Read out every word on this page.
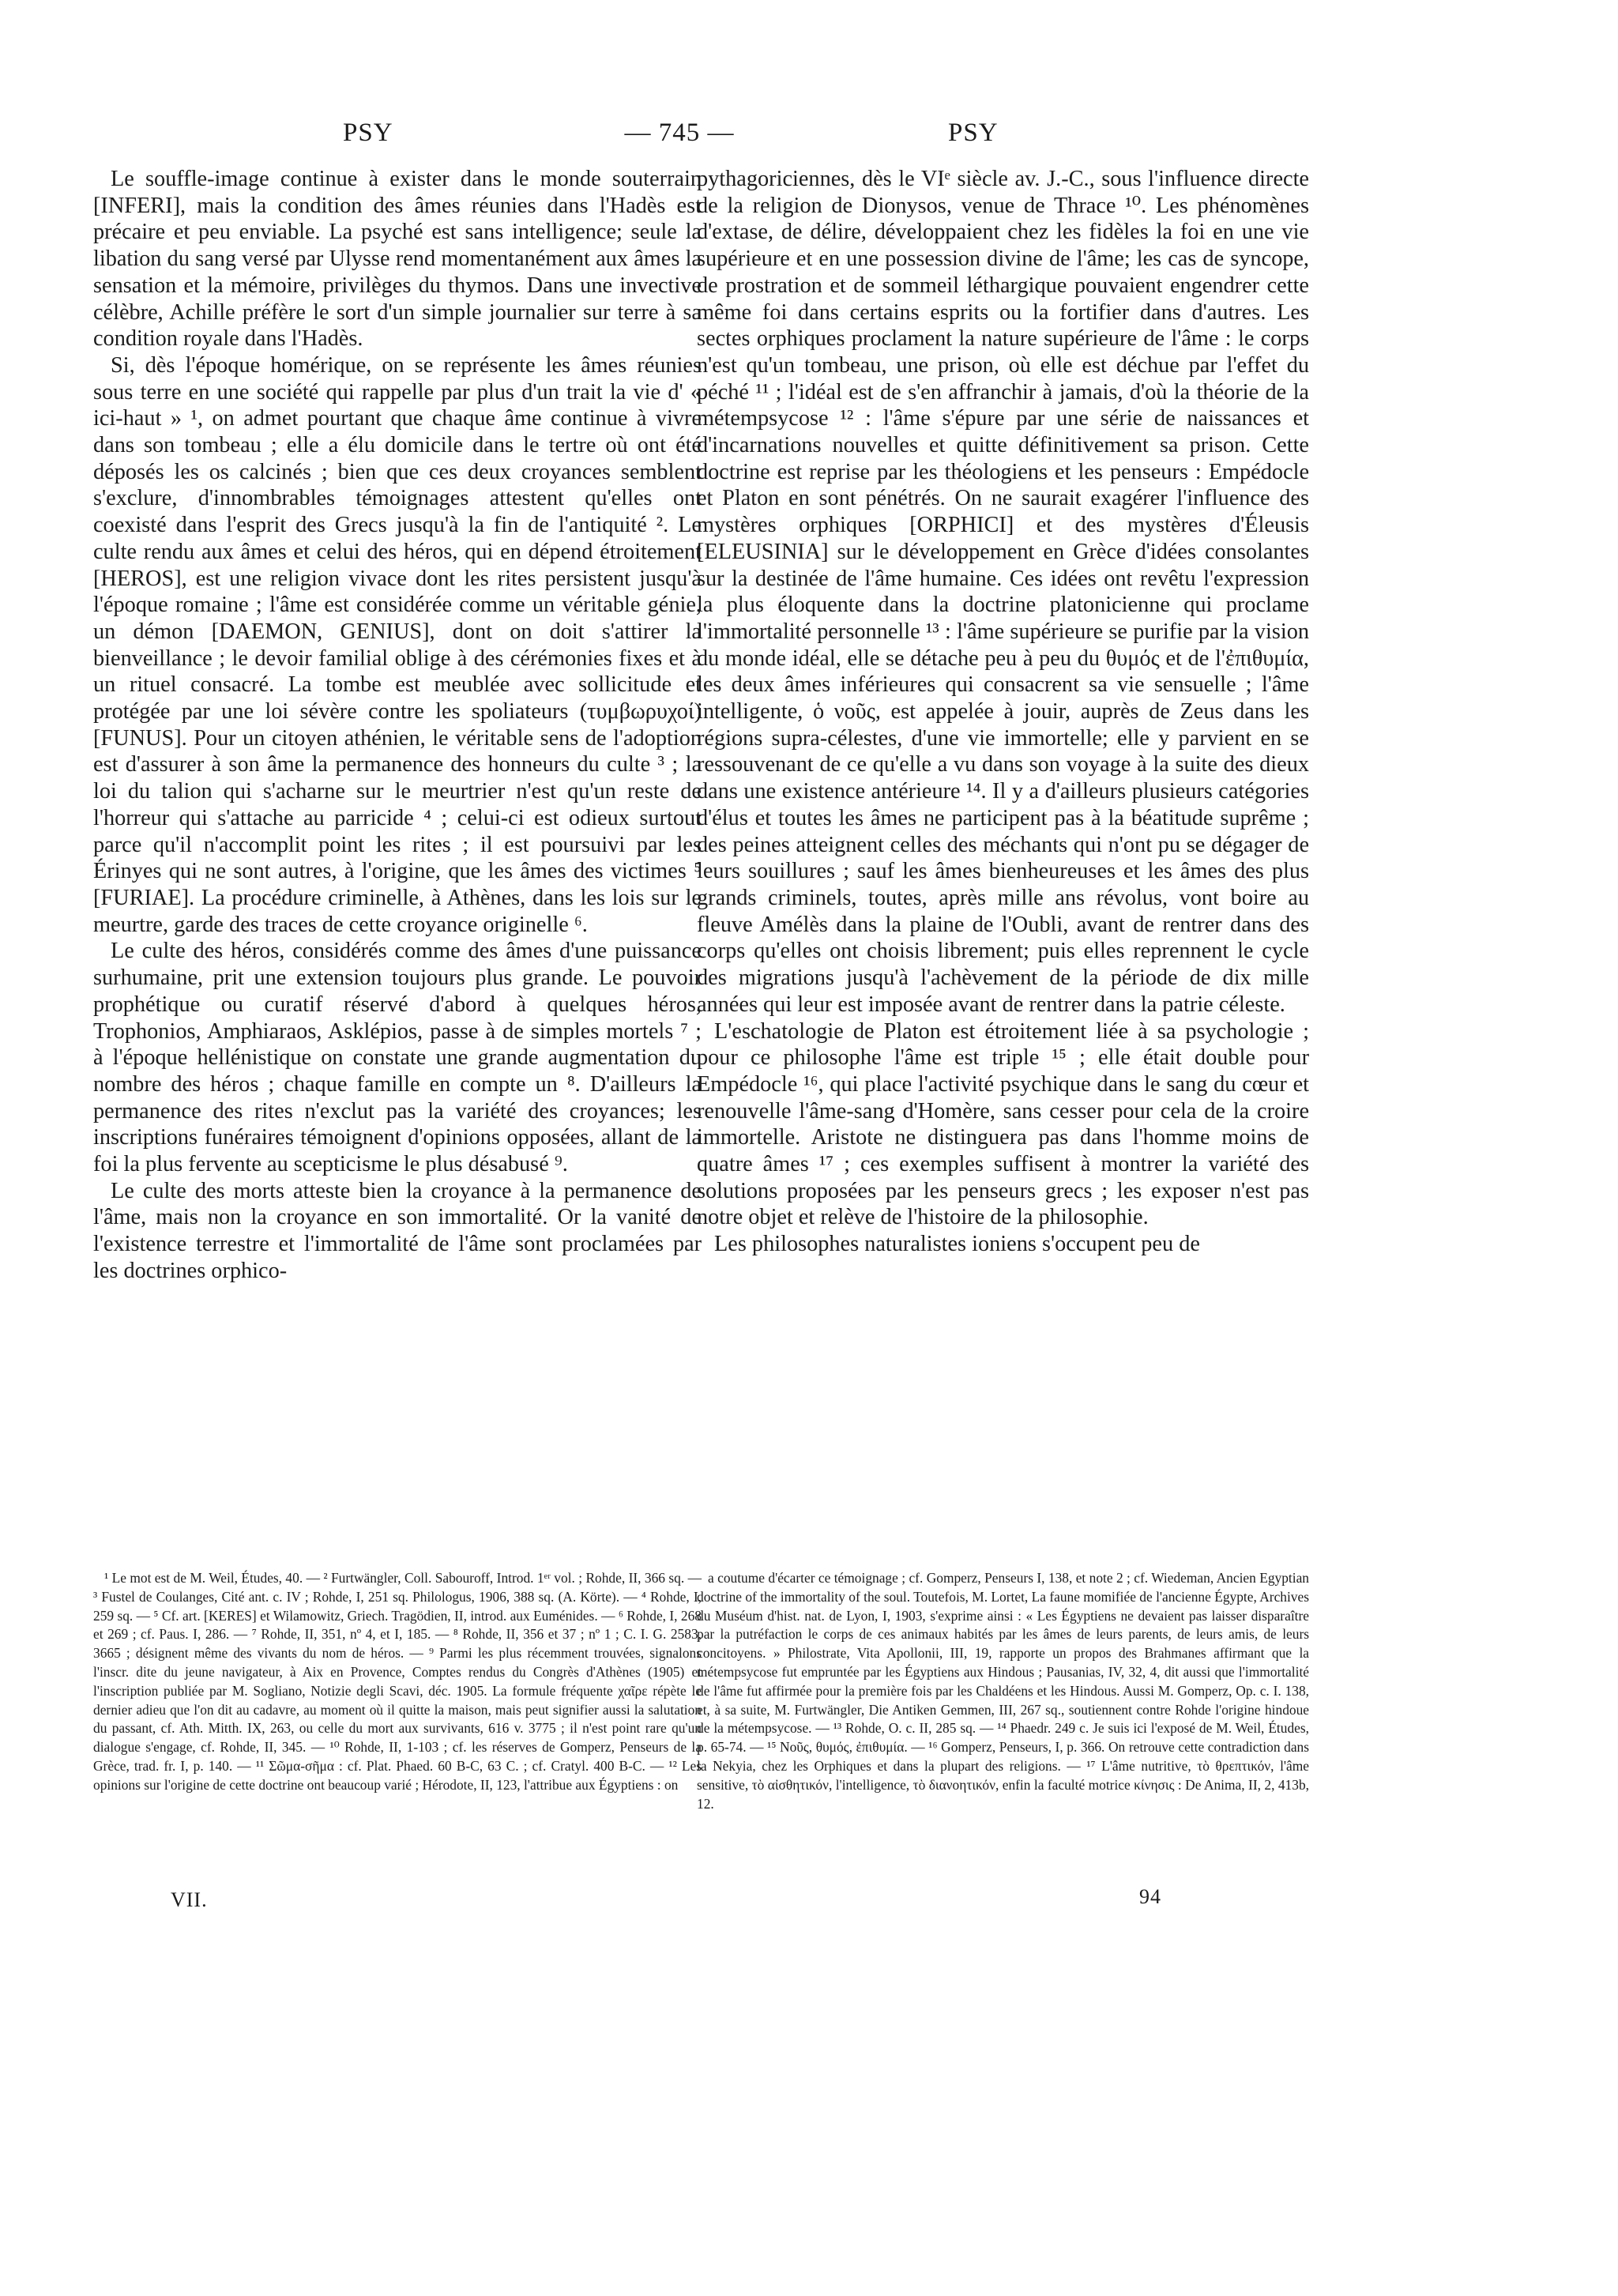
PSY	— 745 —	PSY

Le souffle-image continue à exister dans le monde souterrain [INFERI], mais la condition des âmes réunies dans l'Hadès est précaire et peu enviable. La psyché est sans intelligence; seule la libation du sang versé par Ulysse rend momentanément aux âmes la sensation et la mémoire, privilèges du thymos. Dans une invective célèbre, Achille préfère le sort d'un simple journalier sur terre à sa condition royale dans l'Hadès.

Si, dès l'époque homérique, on se représente les âmes réunies sous terre en une société qui rappelle par plus d'un trait la vie d' « ici-haut » ¹, on admet pourtant que chaque âme continue à vivre dans son tombeau ; elle a élu domicile dans le tertre où ont été déposés les os calcinés ; bien que ces deux croyances semblent s'exclure, d'innombrables témoignages attestent qu'elles ont coexisté dans l'esprit des Grecs jusqu'à la fin de l'antiquité ². Le culte rendu aux âmes et celui des héros, qui en dépend étroitement [HEROS], est une religion vivace dont les rites persistent jusqu'à l'époque romaine ; l'âme est considérée comme un véritable génie, un démon [DAEMON, GENIUS], dont on doit s'attirer la bienveillance ; le devoir familial oblige à des cérémonies fixes et à un rituel consacré. La tombe est meublée avec sollicitude et protégée par une loi sévère contre les spoliateurs (τυμβωρυχοί) [FUNUS]. Pour un citoyen athénien, le véritable sens de l'adoption est d'assurer à son âme la permanence des honneurs du culte ³ ; la loi du talion qui s'acharne sur le meurtrier n'est qu'un reste de l'horreur qui s'attache au parricide ⁴ ; celui-ci est odieux surtout parce qu'il n'accomplit point les rites ; il est poursuivi par les Érinyes qui ne sont autres, à l'origine, que les âmes des victimes ⁵ [FURIAE]. La procédure criminelle, à Athènes, dans les lois sur le meurtre, garde des traces de cette croyance originelle ⁶.

Le culte des héros, considérés comme des âmes d'une puissance surhumaine, prit une extension toujours plus grande. Le pouvoir prophétique ou curatif réservé d'abord à quelques héros, Trophonios, Amphiaraos, Asklépios, passe à de simples mortels ⁷ ; à l'époque hellénistique on constate une grande augmentation du nombre des héros ; chaque famille en compte un ⁸. D'ailleurs la permanence des rites n'exclut pas la variété des croyances; les inscriptions funéraires témoignent d'opinions opposées, allant de la foi la plus fervente au scepticisme le plus désabusé ⁹.

Le culte des morts atteste bien la croyance à la permanence de l'âme, mais non la croyance en son immortalité. Or la vanité de l'existence terrestre et l'immortalité de l'âme sont proclamées par les doctrines orphico-

pythagoriciennes, dès le VIᵉ siècle av. J.-C., sous l'influence directe de la religion de Dionysos, venue de Thrace ¹⁰. Les phénomènes d'extase, de délire, développaient chez les fidèles la foi en une vie supérieure et en une possession divine de l'âme; les cas de syncope, de prostration et de sommeil léthargique pouvaient engendrer cette même foi dans certains esprits ou la fortifier dans d'autres. Les sectes orphiques proclament la nature supérieure de l'âme : le corps n'est qu'un tombeau, une prison, où elle est déchue par l'effet du péché ¹¹ ; l'idéal est de s'en affranchir à jamais, d'où la théorie de la métempsycose ¹² : l'âme s'épure par une série de naissances et d'incarnations nouvelles et quitte définitivement sa prison. Cette doctrine est reprise par les théologiens et les penseurs : Empédocle et Platon en sont pénétrés. On ne saurait exagérer l'influence des mystères orphiques [ORPHICI] et des mystères d'Éleusis [ELEUSINIA] sur le développement en Grèce d'idées consolantes sur la destinée de l'âme humaine. Ces idées ont revêtu l'expression la plus éloquente dans la doctrine platonicienne qui proclame l'immortalité personnelle ¹³ : l'âme supérieure se purifie par la vision du monde idéal, elle se détache peu à peu du θυμός et de l'ἐπιθυμία, les deux âmes inférieures qui consacrent sa vie sensuelle ; l'âme intelligente, ὁ νοῦς, est appelée à jouir, auprès de Zeus dans les régions supra-célestes, d'une vie immortelle; elle y parvient en se ressouvenant de ce qu'elle a vu dans son voyage à la suite des dieux dans une existence antérieure ¹⁴. Il y a d'ailleurs plusieurs catégories d'élus et toutes les âmes ne participent pas à la béatitude suprême ; des peines atteignent celles des méchants qui n'ont pu se dégager de leurs souillures ; sauf les âmes bienheureuses et les âmes des plus grands criminels, toutes, après mille ans révolus, vont boire au fleuve Amélès dans la plaine de l'Oubli, avant de rentrer dans des corps qu'elles ont choisis librement; puis elles reprennent le cycle des migrations jusqu'à l'achèvement de la période de dix mille années qui leur est imposée avant de rentrer dans la patrie céleste.

L'eschatologie de Platon est étroitement liée à sa psychologie ; pour ce philosophe l'âme est triple ¹⁵ ; elle était double pour Empédocle ¹⁶, qui place l'activité psychique dans le sang du cœur et renouvelle l'âme-sang d'Homère, sans cesser pour cela de la croire immortelle. Aristote ne distinguera pas dans l'homme moins de quatre âmes ¹⁷ ; ces exemples suffisent à montrer la variété des solutions proposées par les penseurs grecs ; les exposer n'est pas notre objet et relève de l'histoire de la philosophie.

Les philosophes naturalistes ioniens s'occupent peu de

¹ Le mot est de M. Weil, Études, 40. — ² Furtwängler, Coll. Sabouroff, Introd. 1ᵉʳ vol. ; Rohde, II, 366 sq. — ³ Fustel de Coulanges, Cité ant. c. IV ; Rohde, I, 251 sq. Philologus, 1906, 388 sq. (A. Körte). — ⁴ Rohde, I, 259 sq. — ⁵ Cf. art. [KERES] et Wilamowitz, Griech. Tragödien, II, introd. aux Euménides. — ⁶ Rohde, I, 268 et 269 ; cf. Paus. I, 286. — ⁷ Rohde, II, 351, nº 4, et I, 185. — ⁸ Rohde, II, 356 et 37 ; nº 1 ; C. I. G. 2583, 3665 ; désignent même des vivants du nom de héros. — ⁹ Parmi les plus récemment trouvées, signalons l'inscr. dite du jeune navigateur, à Aix en Provence, Comptes rendus du Congrès d'Athènes (1905) et l'inscription publiée par M. Sogliano, Notizie degli Scavi, déc. 1905. La formule fréquente χαῖρε répète le dernier adieu que l'on dit au cadavre, au moment où il quitte la maison, mais peut signifier aussi la salutation du passant, cf. Ath. Mitth. IX, 263, ou celle du mort aux survivants, 616 v. 3775 ; il n'est point rare qu'un dialogue s'engage, cf. Rohde, II, 345. — ¹⁰ Rohde, II, 1-103 ; cf. les réserves de Gomperz, Penseurs de la Grèce, trad. fr. I, p. 140. — ¹¹ Σῶμα-σῆμα : cf. Plat. Phaed. 60 B-C, 63 C. ; cf. Cratyl. 400 B-C. — ¹² Les opinions sur l'origine de cette doctrine ont beaucoup varié ; Hérodote, II, 123, l'attribue aux Égyptiens : on

a coutume d'écarter ce témoignage ; cf. Gomperz, Penseurs I, 138, et note 2 ; cf. Wiedeman, Ancien Egyptian doctrine of the immortality of the soul. Toutefois, M. Lortet, La faune momifiée de l'ancienne Égypte, Archives du Muséum d'hist. nat. de Lyon, I, 1903, s'exprime ainsi : « Les Égyptiens ne devaient pas laisser disparaître par la putréfaction le corps de ces animaux habités par les âmes de leurs parents, de leurs amis, de leurs concitoyens. » Philostrate, Vita Apollonii, III, 19, rapporte un propos des Brahmanes affirmant que la métempsycose fut empruntée par les Égyptiens aux Hindous ; Pausanias, IV, 32, 4, dit aussi que l'immortalité de l'âme fut affirmée pour la première fois par les Chaldéens et les Hindous. Aussi M. Gomperz, Op. c. I. 138, et, à sa suite, M. Furtwängler, Die Antiken Gemmen, III, 267 sq., soutiennent contre Rohde l'origine hindoue de la métempsycose. — ¹³ Rohde, O. c. II, 285 sq. — ¹⁴ Phaedr. 249 c. Je suis ici l'exposé de M. Weil, Études, p. 65-74. — ¹⁵ Νοῦς, θυμός, ἐπιθυμία. — ¹⁶ Gomperz, Penseurs, I, p. 366. On retrouve cette contradiction dans la Nekyia, chez les Orphiques et dans la plupart des religions. — ¹⁷ L'âme nutritive, τὸ θρεπτικόν, l'âme sensitive, τὸ αἰσθητικόν, l'intelligence, τὸ διανοητικόν, enfin la faculté motrice κίνησις : De Anima, II, 2, 413b, 12.

VII.	94
